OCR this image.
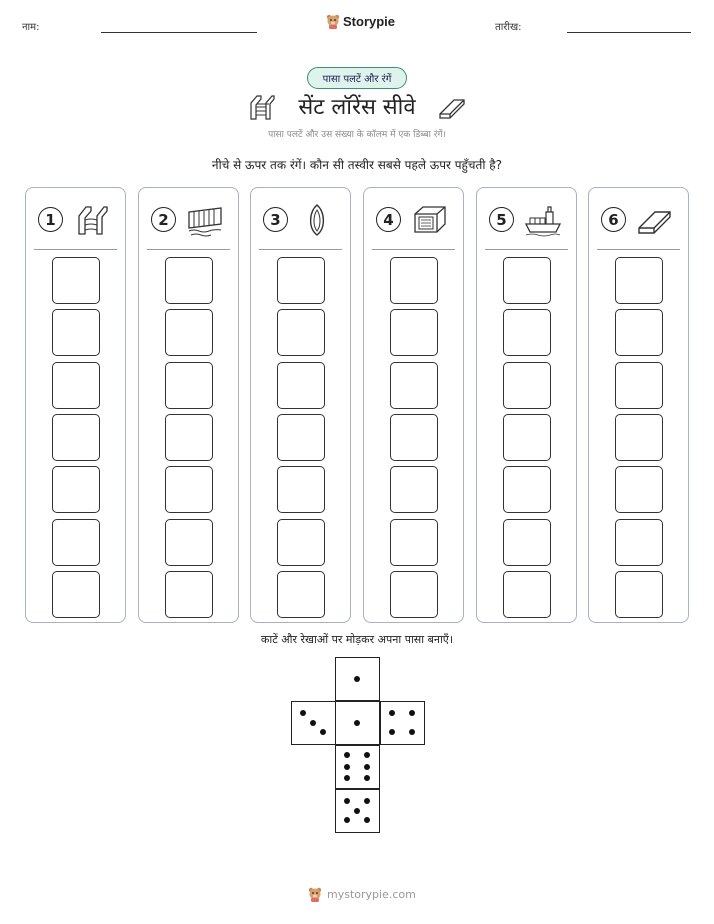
नाम:	Storypie	तारीख:
पासा पलटें और रंगें
सेंट लॉरेंस सीवे
पासा पलटें और उस संख्या के कॉलम में एक डिब्बा रंगें।
नीचे से ऊपर तक रंगें। कौन सी तस्वीर सबसे पहले ऊपर पहुँचती है?
1	2	3	4	5	6
काटें और रेखाओं पर मोड़कर अपना पासा बनाएँ।
mystorypie.com
